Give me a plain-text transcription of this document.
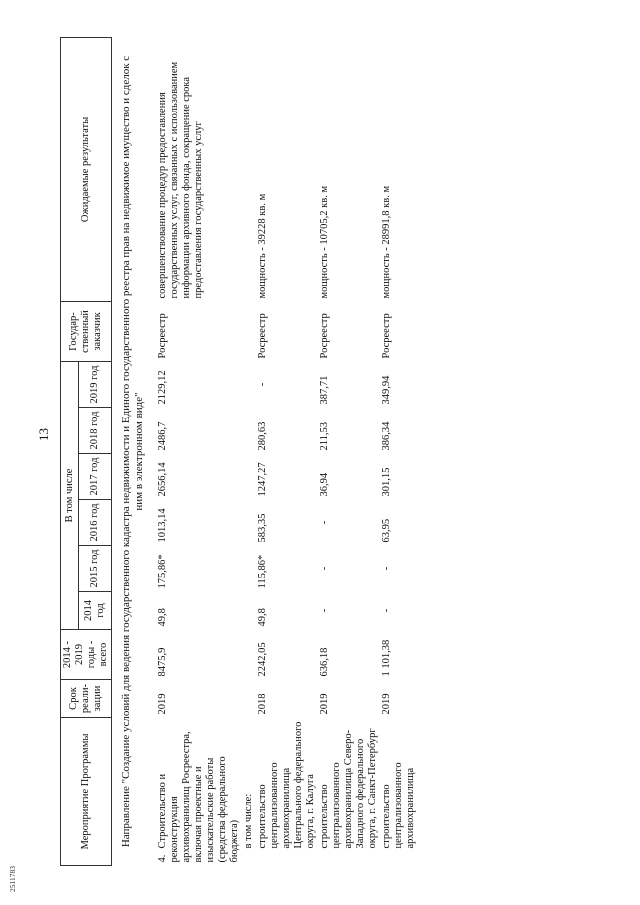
13
2511783
Мероприятие Программы	Срок реали-зации	2014 - 2019 годы - всего	В том числе						Государ-ственный заказчик	Ожидаемые результаты
			2014 год	2015 год	2016 год	2017 год	2018 год	2019 год		
Направление "Создание условий для ведения государственного кадастра недвижимости и Единого государственного реестра прав на недвижимое имущество и сделок с ним в электронном виде"										
4.Строительство и реконструкция архивохранилищ Росреестра, включая проектные и изыскательские работы (средства федерального бюджета)	2019	8475,9	49,8	175,86*	1013,14	2656,14	2486,7	2129,12	Росреестр	совершенствование процедур предоставления государственных услуг, связанных с использованием информации архивного фонда, сокращение срока предоставления государственных услуг
в том числе:										
строительство централизованного архивохранилища Центрального федерального округа, г. Калуга	2018	2242,05	49,8	115,86*	583,35	1247,27	280,63	-	Росреестр	мощность - 39228 кв. м
строительство централизованного архивохранилища Северо-Западного федерального округа, г. Санкт-Петербург	2019	636,18	-	-	-	36,94	211,53	387,71	Росреестр	мощность - 10705,2 кв. м
строительство централизованного архивохранилища	2019	1 101,38	-	-	63,95	301,15	386,34	349,94	Росреестр	мощность - 28991,8 кв. м
